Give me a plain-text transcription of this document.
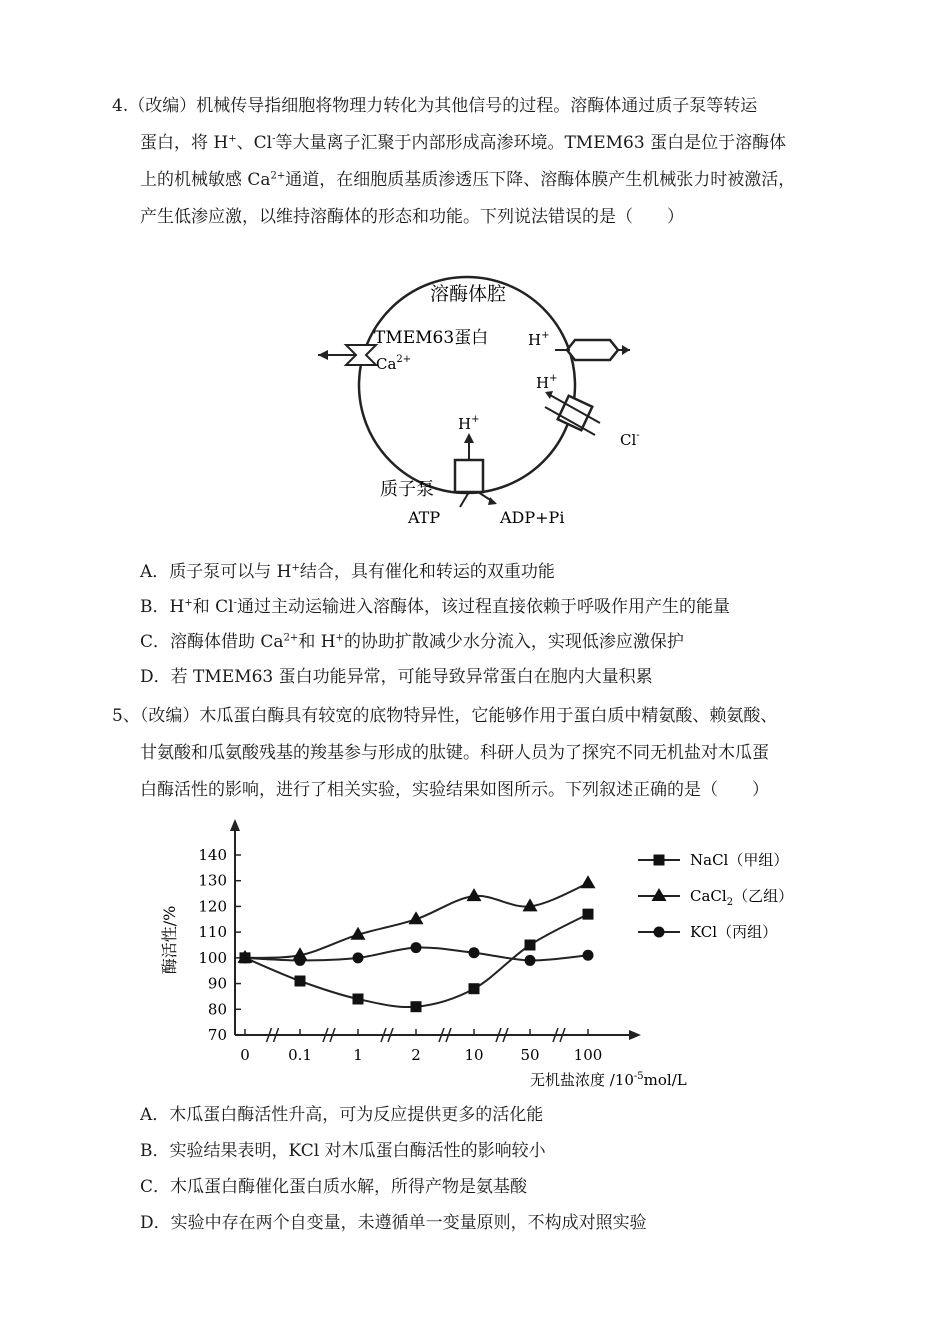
4.（改编）机械传导指细胞将物理力转化为其他信号的过程。溶酶体通过质子泵等转运
蛋白，将 H+、Cl-等大量离子汇聚于内部形成高渗环境。TMEM63 蛋白是位于溶酶体
上的机械敏感 $Ca^{2+}$通道，在细胞质基质渗透压下降、溶酶体膜产生机械张力时被激活，
产生低渗应激，以维持溶酶体的形态和功能。下列说法错误的是（　　）
溶酶体腔
TMEM63蛋白
$Ca^{2+}$
H+
H+
Cl-
H+
质子泵
ATP	ADP+Pi
A．质子泵可以与 H+结合，具有催化和转运的双重功能
B．H+和 Cl-通过主动运输进入溶酶体，该过程直接依赖于呼吸作用产生的能量
C．溶酶体借助 $Ca^{2+}$和 H+的协助扩散减少水分流入，实现低渗应激保护
D．若 TMEM63 蛋白功能异常，可能导致异常蛋白在胞内大量积累
5、（改编）木瓜蛋白酶具有较宽的底物特异性，它能够作用于蛋白质中精氨酸、赖氨酸、
甘氨酸和瓜氨酸残基的羧基参与形成的肽键。科研人员为了探究不同无机盐对木瓜蛋
白酶活性的影响，进行了相关实验，实验结果如图所示。下列叙述正确的是（　　）
70
80
90
100
110
120
130
140
0	0.1	1	2	10 50 100
酶活性/%
无机盐浓度 $/10^{-5}mol/L$
NaCl（甲组）
CaCl$_2$（乙组）
KCl（丙组）
A．木瓜蛋白酶活性升高，可为反应提供更多的活化能
B．实验结果表明，KCl 对木瓜蛋白酶活性的影响较小
C．木瓜蛋白酶催化蛋白质水解，所得产物是氨基酸
D．实验中存在两个自变量，未遵循单一变量原则，不构成对照实验
